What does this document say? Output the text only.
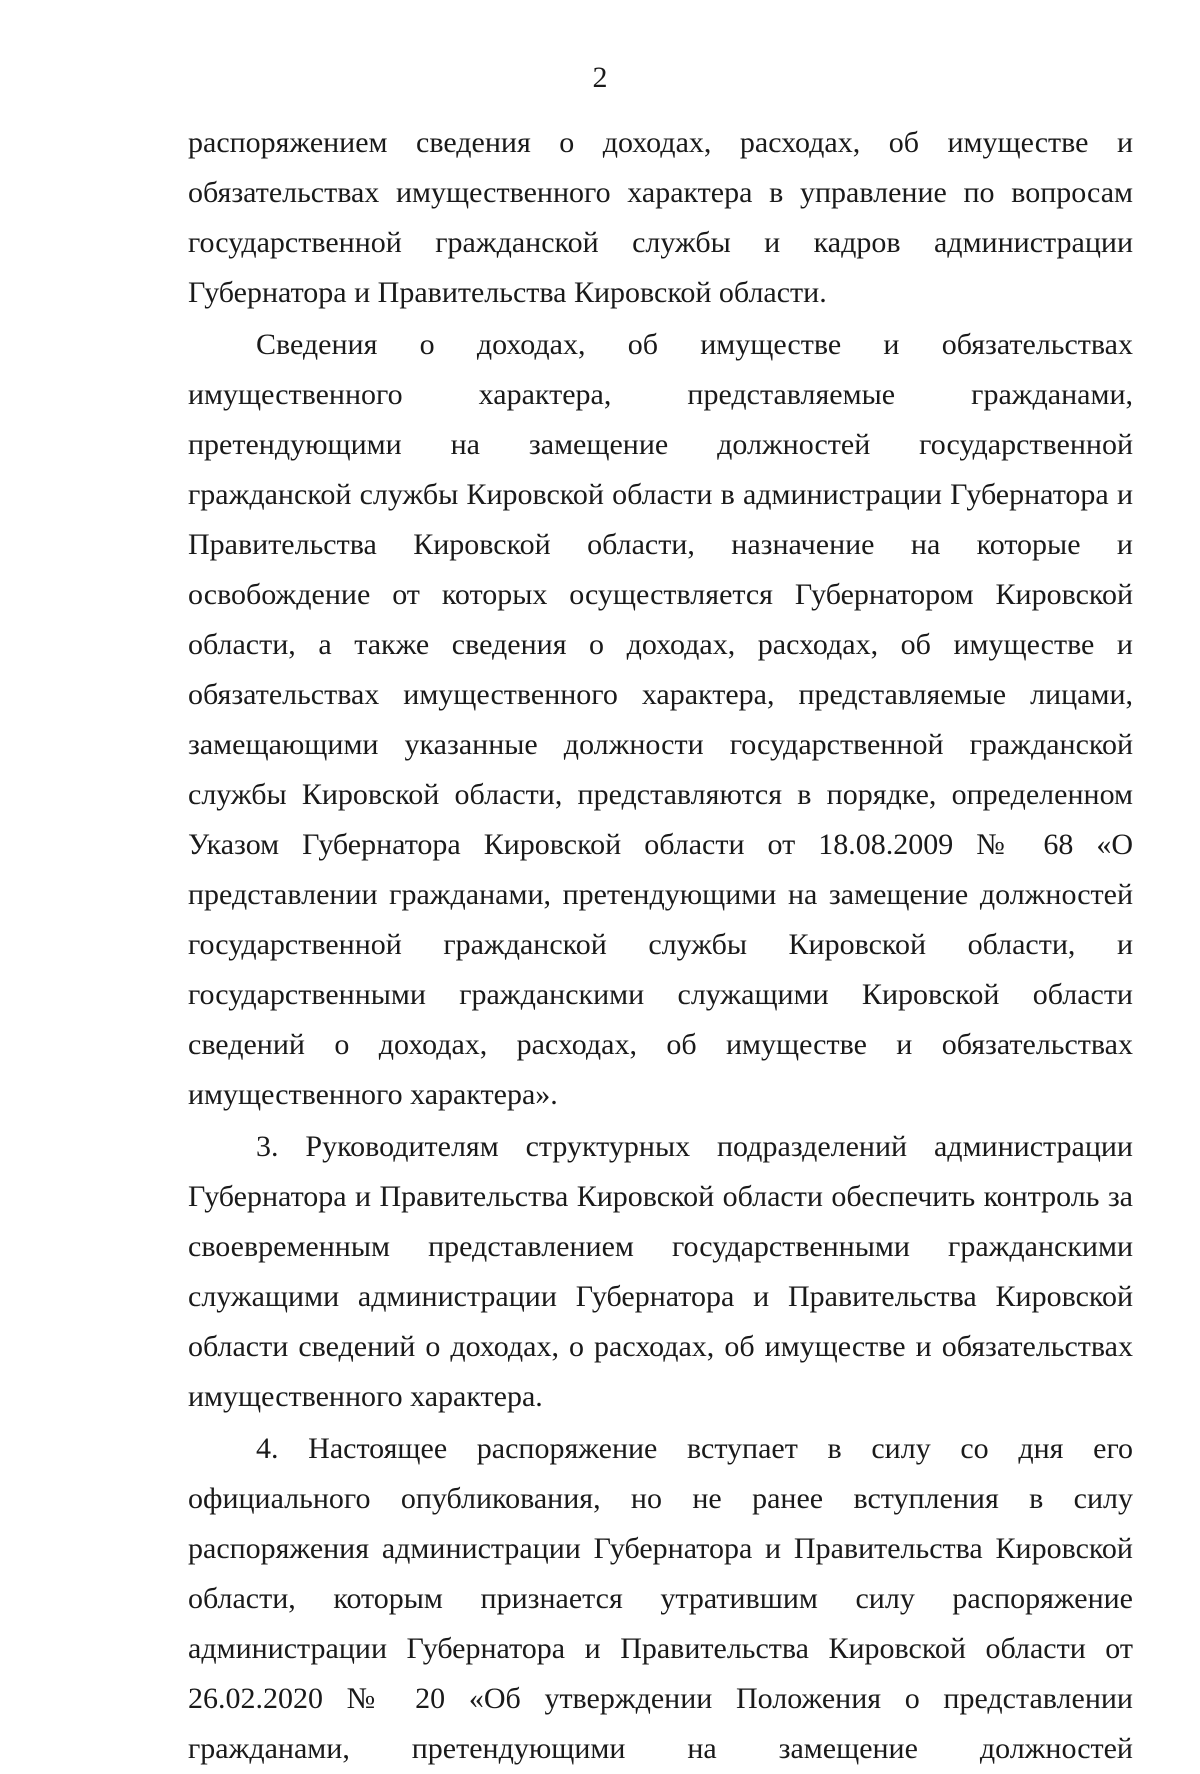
2

распоряжением сведения о доходах, расходах, об имуществе и обязательствах имущественного характера в управление по вопросам государственной гражданской службы и кадров администрации Губернатора и Правительства Кировской области.

Сведения о доходах, об имуществе и обязательствах имущественного характера, представляемые гражданами, претендующими на замещение должностей государственной гражданской службы Кировской области в администрации Губернатора и Правительства Кировской области, назначение на которые и освобождение от которых осуществляется Губернатором Кировской области, а также сведения о доходах, расходах, об имуществе и обязательствах имущественного характера, представляемые лицами, замещающими указанные должности государственной гражданской службы Кировской области, представляются в порядке, определенном Указом Губернатора Кировской области от 18.08.2009 № 68 «О представлении гражданами, претендующими на замещение должностей государственной гражданской службы Кировской области, и государственными гражданскими служащими Кировской области сведений о доходах, расходах, об имуществе и обязательствах имущественного характера».

3. Руководителям структурных подразделений администрации Губернатора и Правительства Кировской области обеспечить контроль за своевременным представлением государственными гражданскими служащими администрации Губернатора и Правительства Кировской области сведений о доходах, о расходах, об имуществе и обязательствах имущественного характера.

4. Настоящее распоряжение вступает в силу со дня его официального опубликования, но не ранее вступления в силу распоряжения администрации Губернатора и Правительства Кировской области, которым признается утратившим силу распоряжение администрации Губернатора и Правительства Кировской области от 26.02.2020 № 20 «Об утверждении Положения о представлении гражданами, претендующими на замещение должностей
